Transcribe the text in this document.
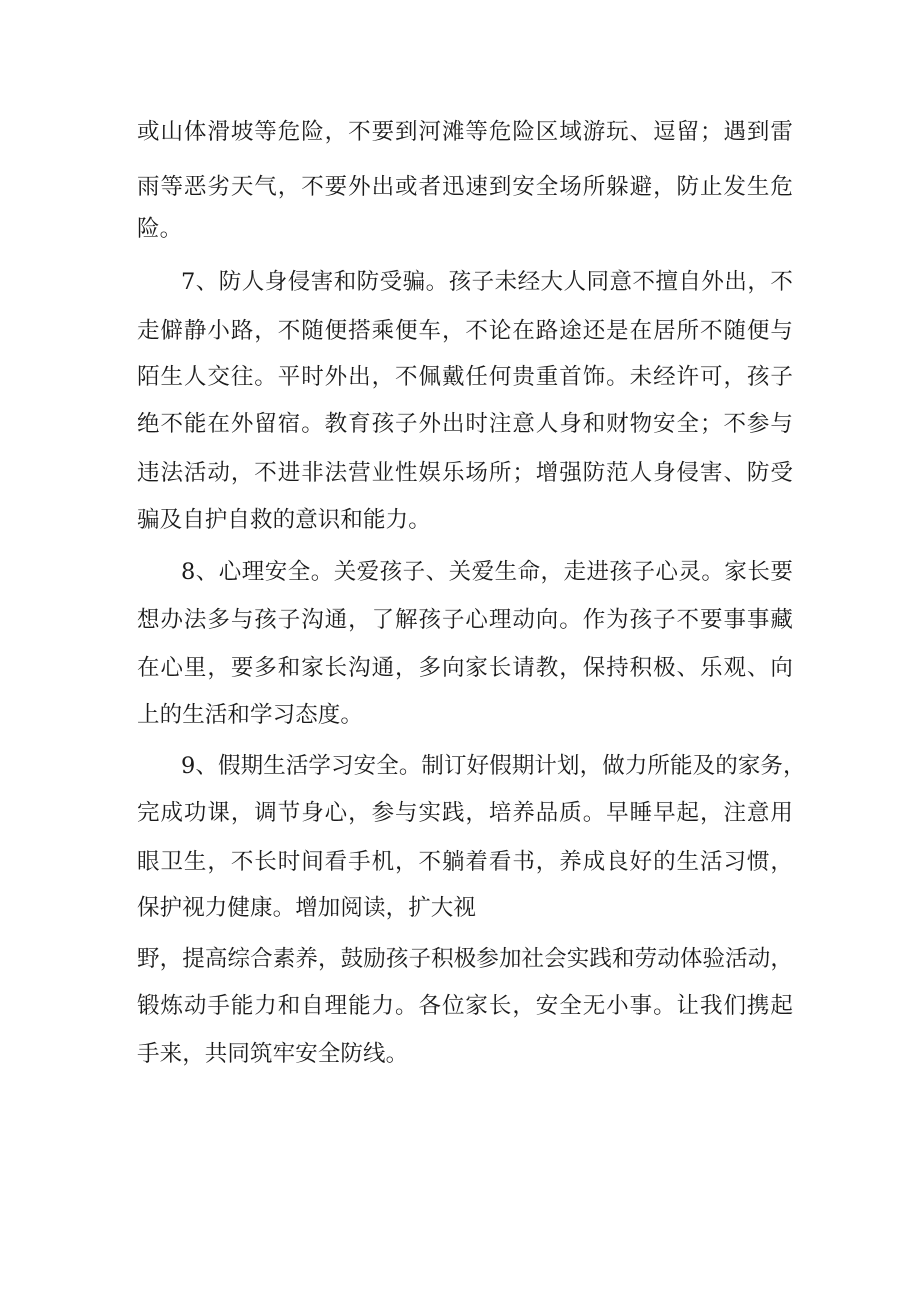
或山体滑坡等危险，不要到河滩等危险区域游玩、逗留；遇到雷

雨等恶劣天气，不要外出或者迅速到安全场所躲避，防止发生危

险。

7、防人身侵害和防受骗。孩子未经大人同意不擅自外出，不

走僻静小路，不随便搭乘便车，不论在路途还是在居所不随便与

陌生人交往。平时外出，不佩戴任何贵重首饰。未经许可，孩子

绝不能在外留宿。教育孩子外出时注意人身和财物安全；不参与

违法活动，不进非法营业性娱乐场所；增强防范人身侵害、防受

骗及自护自救的意识和能力。

8、心理安全。关爱孩子、关爱生命，走进孩子心灵。家长要

想办法多与孩子沟通，了解孩子心理动向。作为孩子不要事事藏

在心里，要多和家长沟通，多向家长请教，保持积极、乐观、向

上的生活和学习态度。

9、假期生活学习安全。制订好假期计划，做力所能及的家务，

完成功课，调节身心，参与实践，培养品质。早睡早起，注意用

眼卫生，不长时间看手机，不躺着看书，养成良好的生活习惯，

保护视力健康。增加阅读，扩大视

野，提高综合素养，鼓励孩子积极参加社会实践和劳动体验活动，

锻炼动手能力和自理能力。各位家长，安全无小事。让我们携起

手来，共同筑牢安全防线。
